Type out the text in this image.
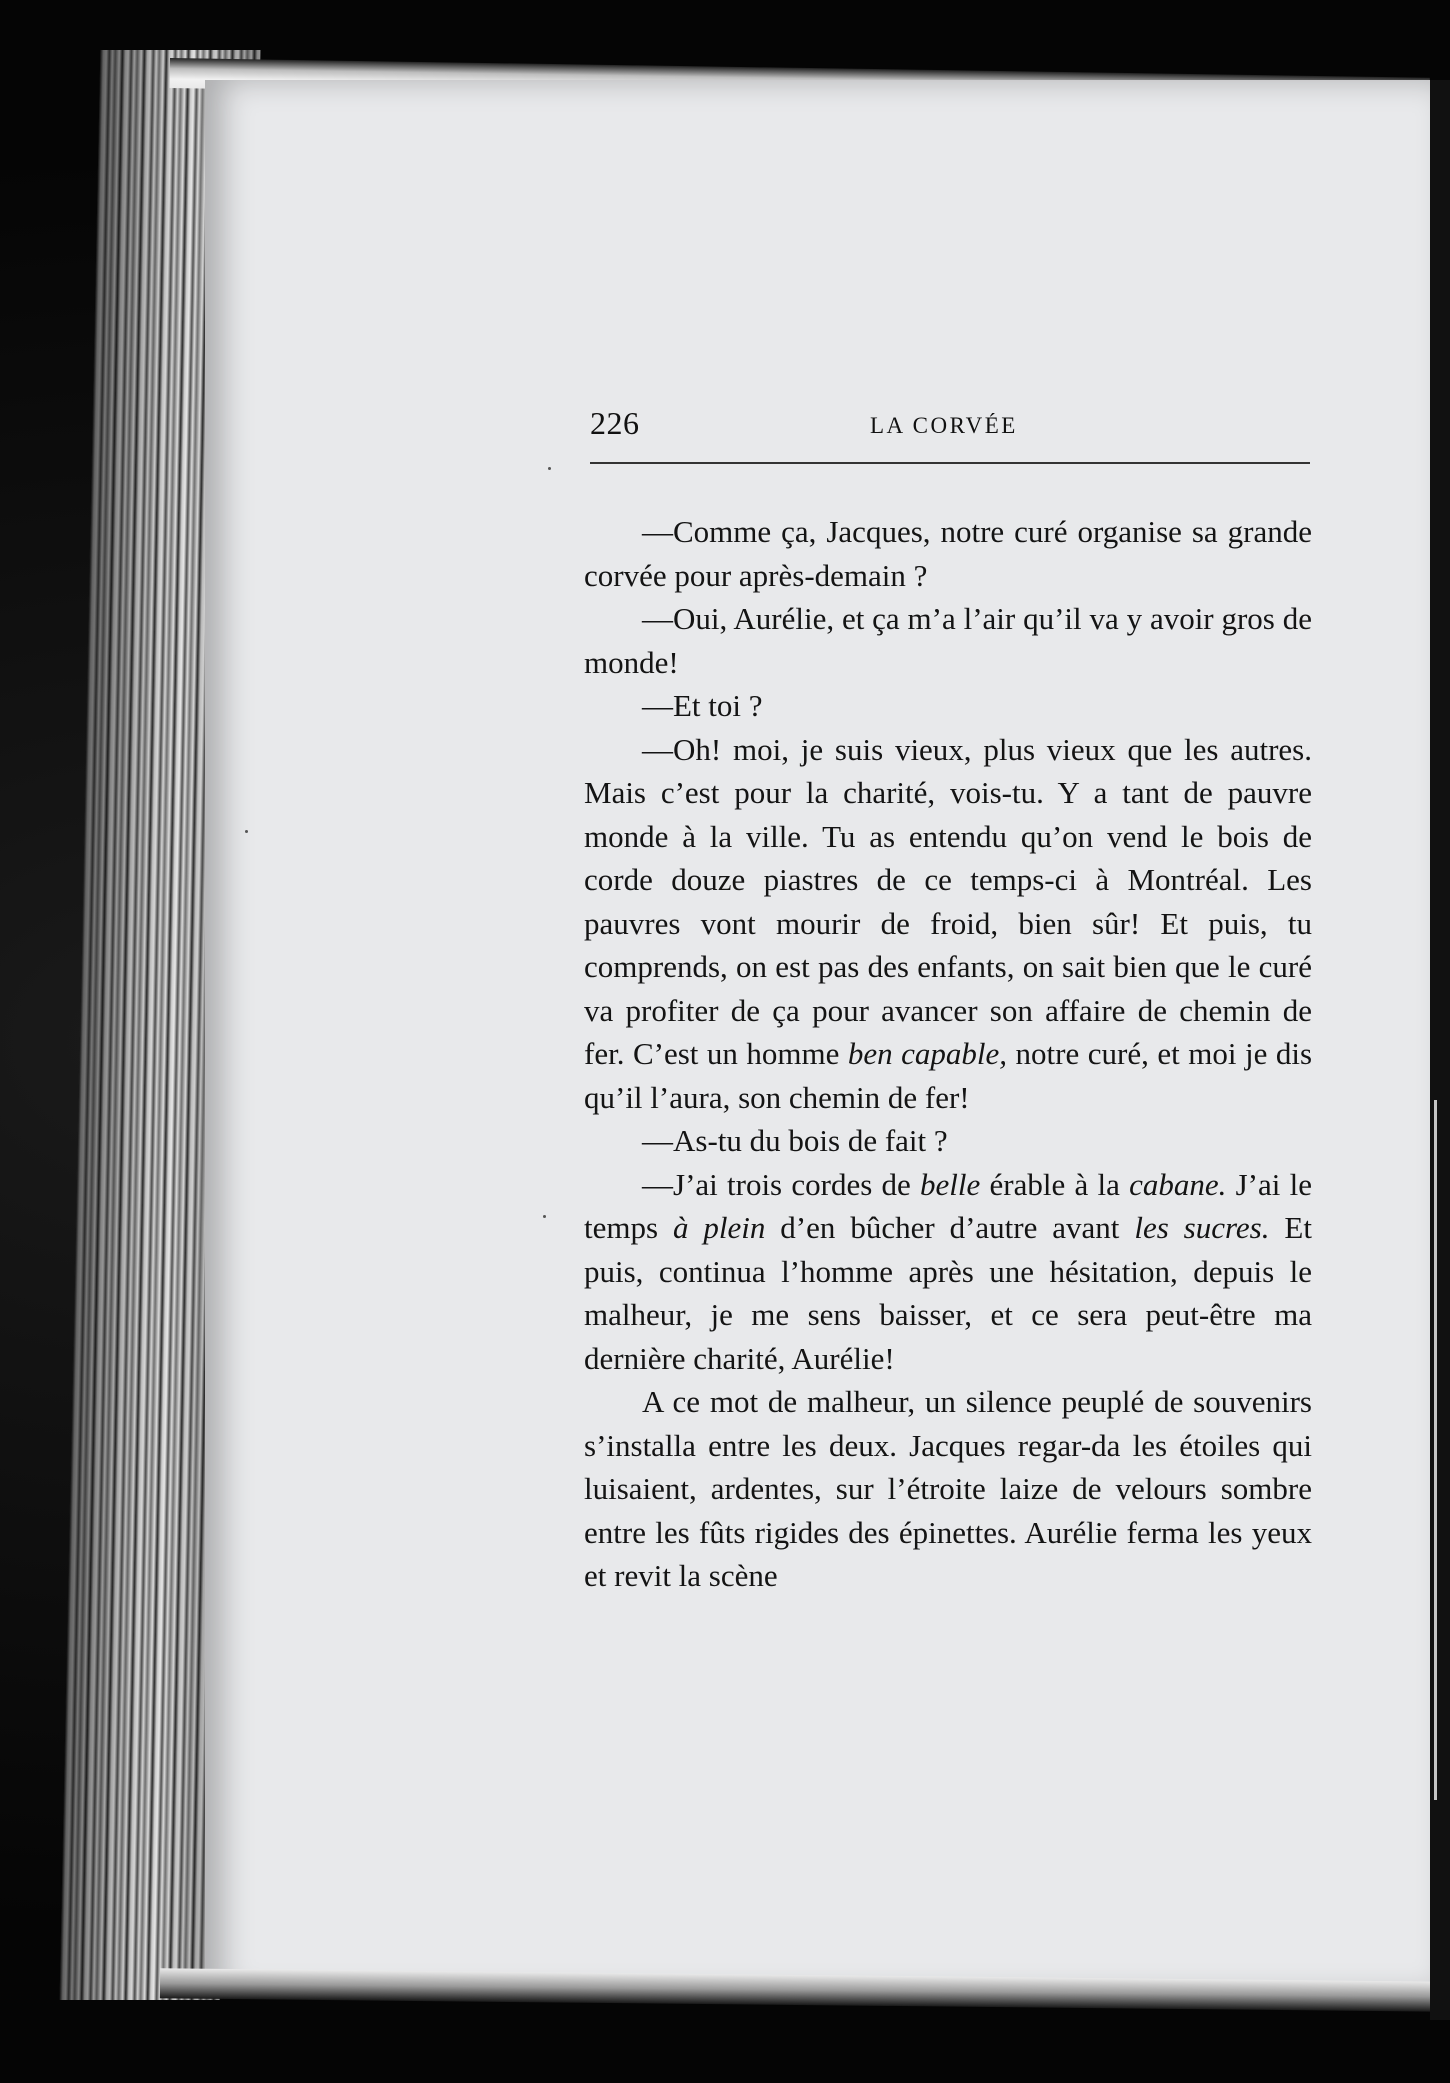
226	LA CORVÉE

—Comme ça, Jacques, notre curé organise sa grande corvée pour après-demain ?

—Oui, Aurélie, et ça m’a l’air qu’il va y avoir gros de monde!

—Et toi ?

—Oh! moi, je suis vieux, plus vieux que les autres. Mais c’est pour la charité, vois-tu. Y a tant de pauvre monde à la ville. Tu as entendu qu’on vend le bois de corde douze piastres de ce temps-ci à Montréal. Les pauvres vont mourir de froid, bien sûr! Et puis, tu comprends, on est pas des enfants, on sait bien que le curé va profiter de ça pour avancer son affaire de chemin de fer. C’est un homme ben capable, notre curé, et moi je dis qu’il l’aura, son chemin de fer!

—As-tu du bois de fait ?

—J’ai trois cordes de belle érable à la cabane. J’ai le temps à plein d’en bûcher d’autre avant les sucres. Et puis, continua l’homme après une hésitation, depuis le malheur, je me sens baisser, et ce sera peut-être ma dernière charité, Aurélie!

A ce mot de malheur, un silence peuplé de souvenirs s’installa entre les deux. Jacques regar-da les étoiles qui luisaient, ardentes, sur l’étroite laize de velours sombre entre les fûts rigides des épinettes. Aurélie ferma les yeux et revit la scène
